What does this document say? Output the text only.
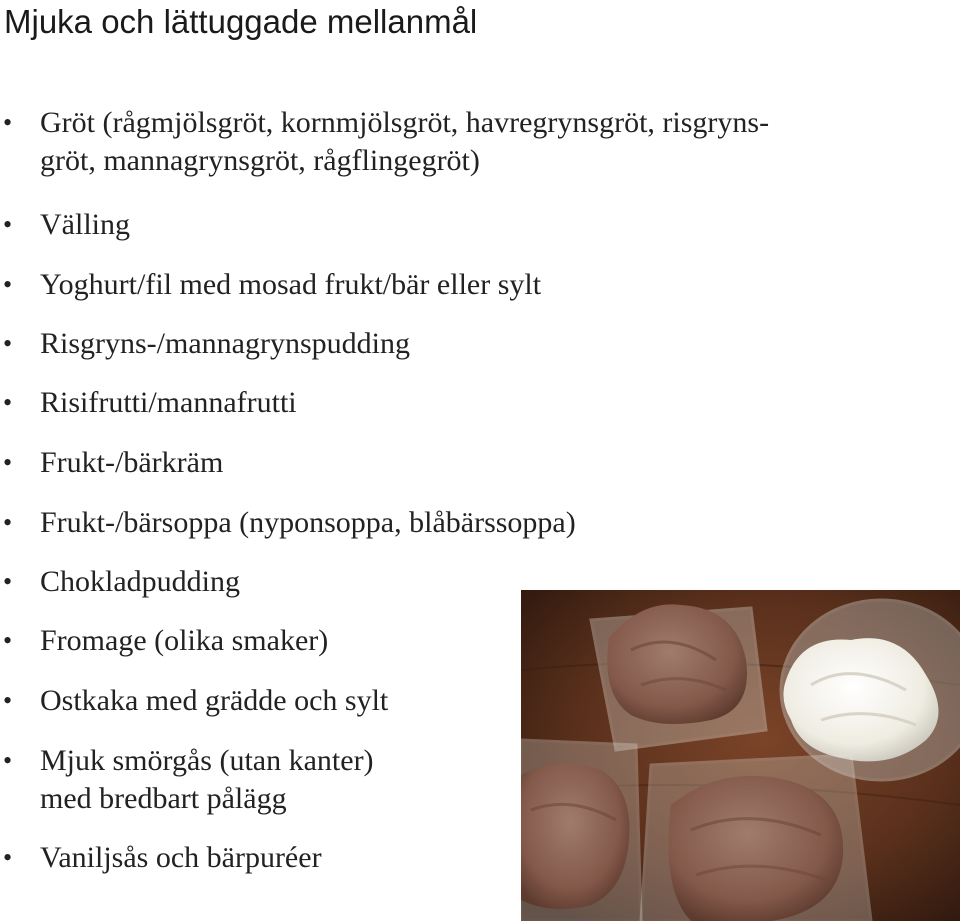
Mjuka och lättuggade mellanmål
• Gröt (rågmjölsgröt, kornmjölsgröt, havregrynsgröt, risgryns-
gröt, mannagrynsgröt, rågflingegröt)
• Välling
• Yoghurt/fil med mosad frukt/bär eller sylt
• Risgryns-/mannagrynspudding
• Risifrutti/mannafrutti
• Frukt-/bärkräm
• Frukt-/bärsoppa (nyponsoppa, blåbärssoppa)
• Chokladpudding
• Fromage (olika smaker)
• Ostkaka med grädde och sylt
• Mjuk smörgås (utan kanter)
med bredbart pålägg
• Vaniljsås och bärpuréer
